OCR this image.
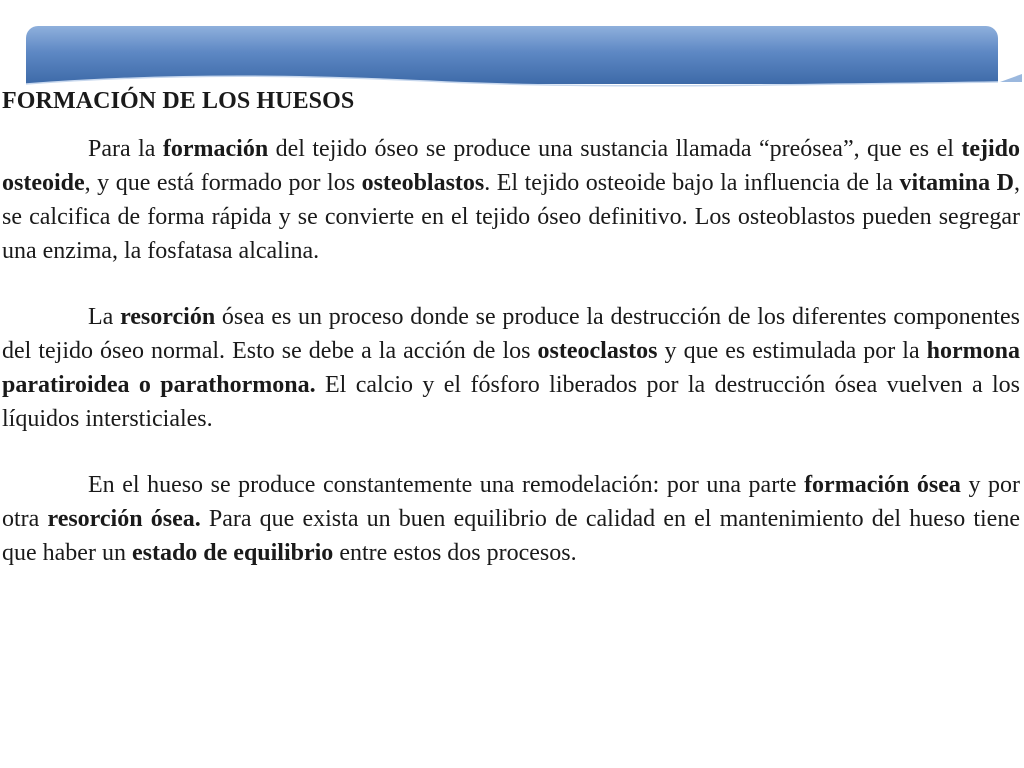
FORMACIÓN DE LOS HUESOS

Para la formación del tejido óseo se produce una sustancia llamada “preósea”, que es el tejido osteoide, y que está formado por los osteoblastos. El tejido osteoide bajo la influencia de la vitamina D, se calcifica de forma rápida y se convierte en el tejido óseo definitivo. Los osteoblastos pueden segregar una enzima, la fosfatasa alcalina.

La resorción ósea es un proceso donde se produce la destrucción de los diferentes componentes del tejido óseo normal. Esto se debe a la acción de los osteoclastos y que es estimulada por la hormona paratiroidea o parathormona. El calcio y el fósforo liberados por la destrucción ósea vuelven a los líquidos intersticiales.

En el hueso se produce constantemente una remodelación: por una parte formación ósea y por otra resorción ósea. Para que exista un buen equilibrio de calidad en el mantenimiento del hueso tiene que haber un estado de equilibrio entre estos dos procesos.
